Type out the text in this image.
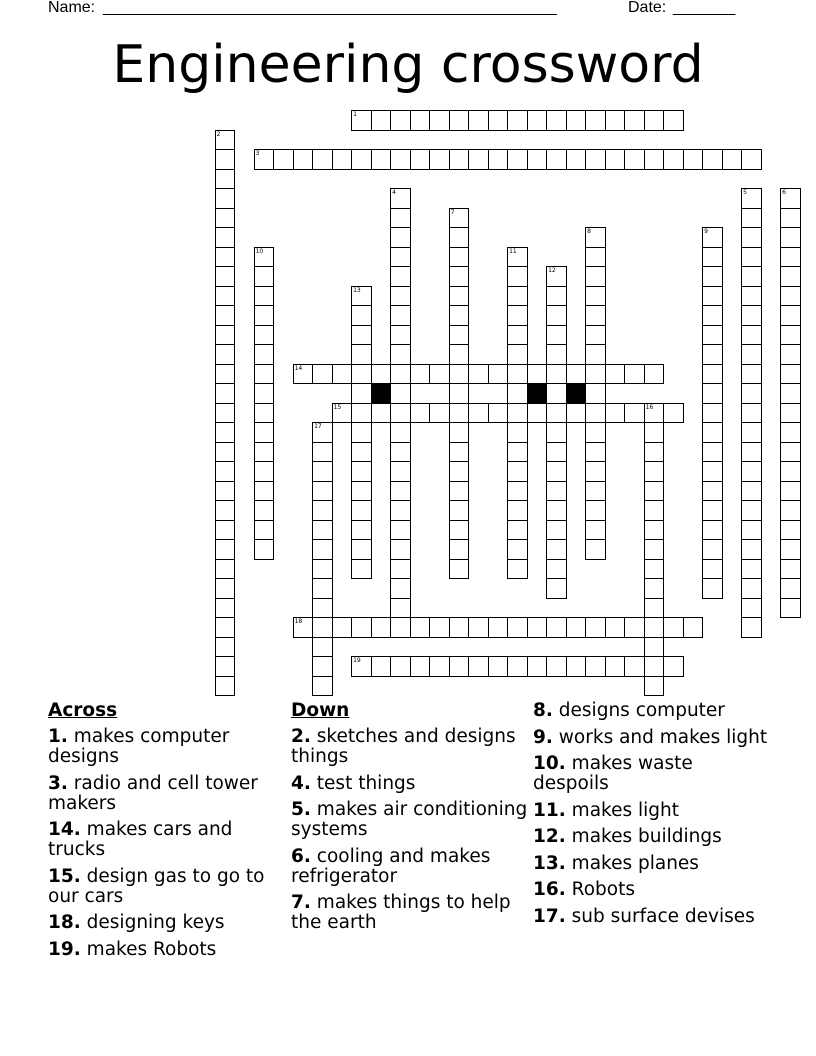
Name: ___________________________________________________	Date: _______
Engineering crossword
1
3
14
15	16
18
19
2
4	5	6
7
8	9
10	11
12
13
17
Across
1. makes computer designs
3. radio and cell tower makers
14. makes cars and trucks
15. design gas to go to our cars
18. designing keys
19. makes Robots
Down
2. sketches and designs things
4. test things
5. makes air conditioning systems
6. cooling and makes refrigerator
7. makes things to help the earth
8. designs computer
9. works and makes light
10. makes waste despoils
11. makes light
12. makes buildings
13. makes planes
16. Robots
17. sub surface devises
